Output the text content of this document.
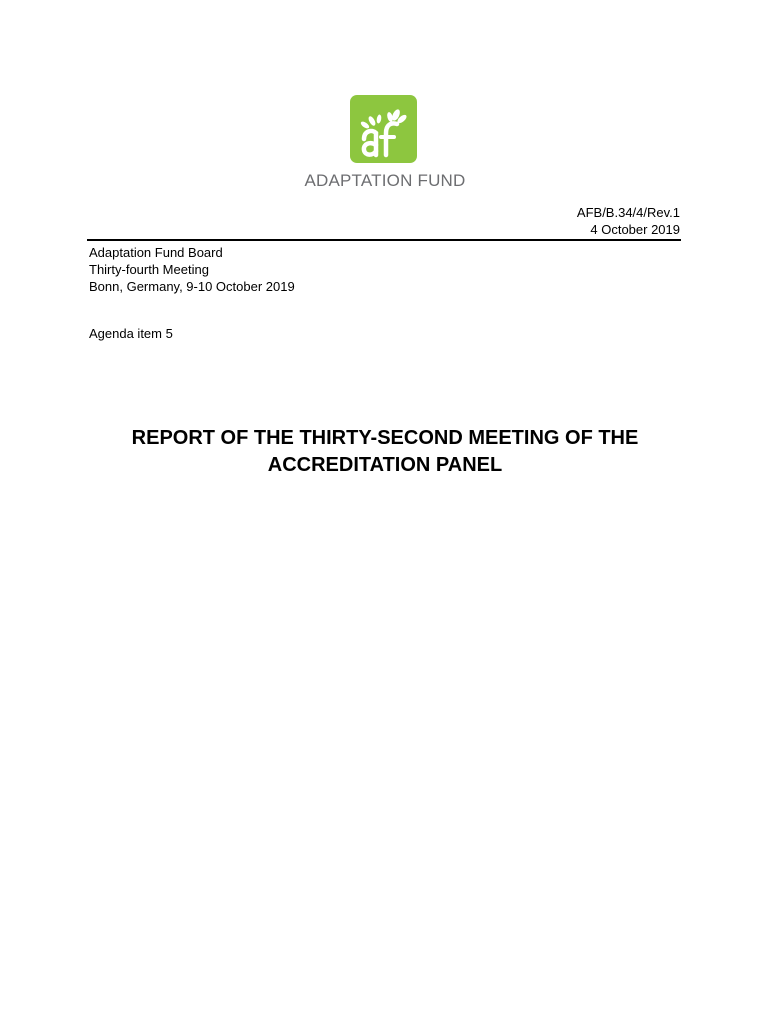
ADAPTATION FUND
AFB/B.34/4/Rev.1
4 October 2019
Adaptation Fund Board
Thirty-fourth Meeting
Bonn, Germany, 9-10 October 2019
Agenda item 5
REPORT OF THE THIRTY-SECOND MEETING OF THE
ACCREDITATION PANEL
